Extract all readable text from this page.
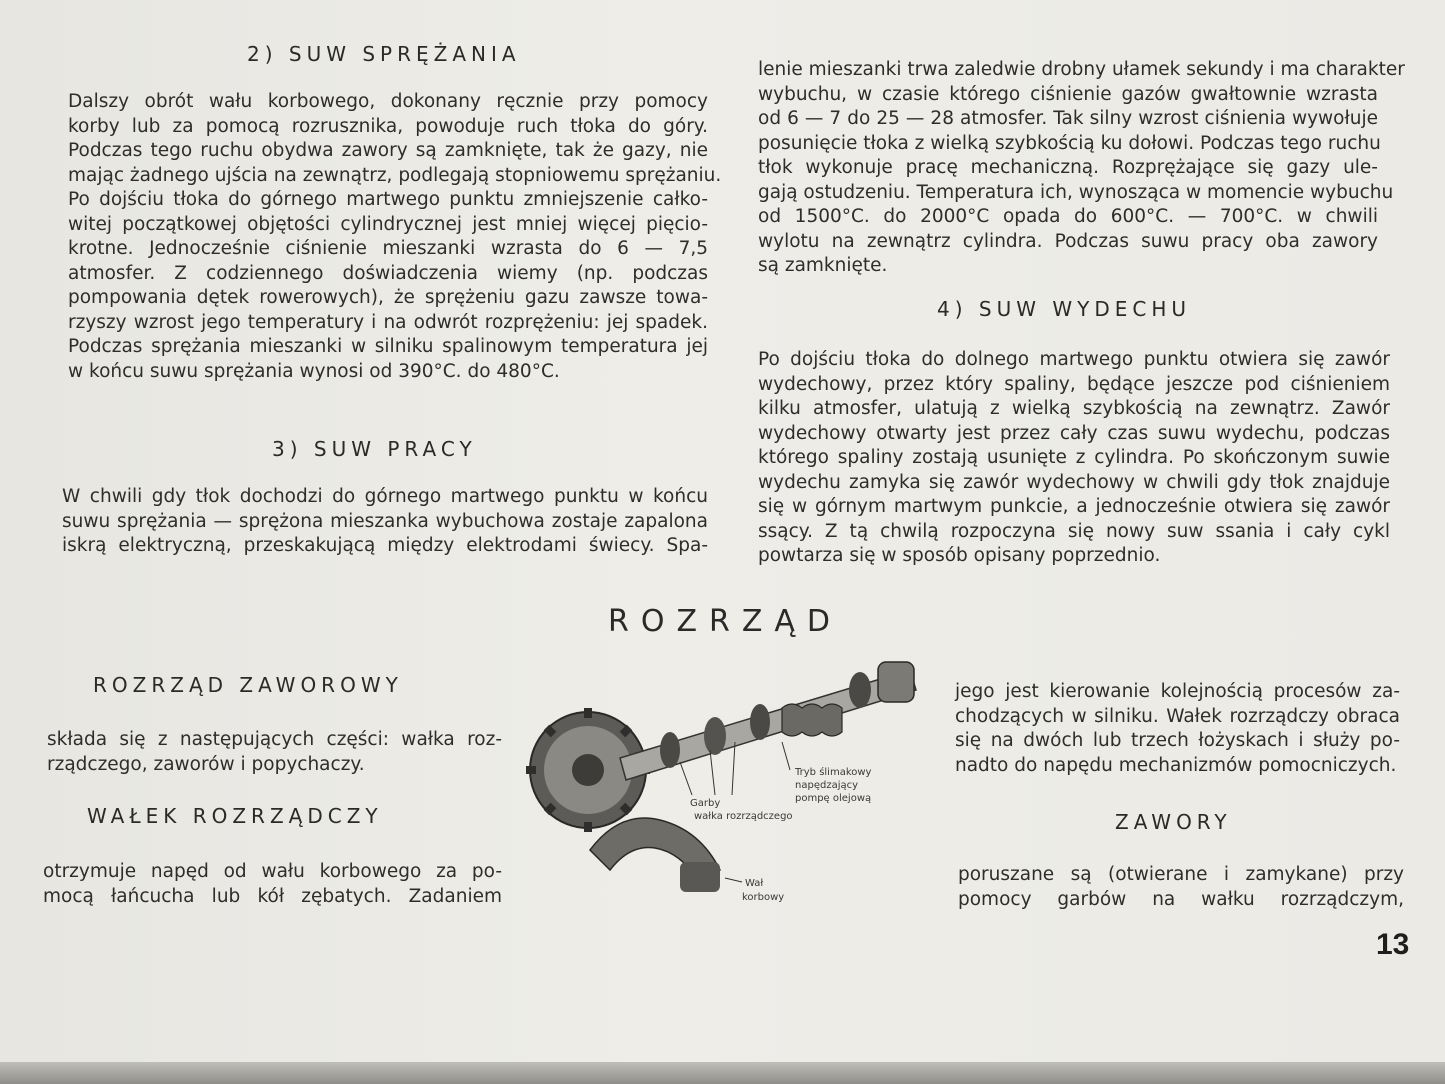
2) SUW SPRĘŻANIA
Dalszy obrót wału korbowego, dokonany ręcznie przy pomocy
korby lub za pomocą rozrusznika, powoduje ruch tłoka do góry.
Podczas tego ruchu obydwa zawory są zamknięte, tak że gazy, nie
mając żadnego ujścia na zewnątrz, podlegają stopniowemu sprężaniu.
Po dojściu tłoka do górnego martwego punktu zmniejszenie całko-
witej początkowej objętości cylindrycznej jest mniej więcej pięcio-
krotne. Jednocześnie ciśnienie mieszanki wzrasta do 6 — 7,5
atmosfer. Z codziennego doświadczenia wiemy (np. podczas
pompowania dętek rowerowych), że sprężeniu gazu zawsze towa-
rzyszy wzrost jego temperatury i na odwrót rozprężeniu: jej spadek.
Podczas sprężania mieszanki w silniku spalinowym temperatura jej
w końcu suwu sprężania wynosi od 390°C. do 480°C.
3) SUW PRACY
W chwili gdy tłok dochodzi do górnego martwego punktu w końcu
suwu sprężania — sprężona mieszanka wybuchowa zostaje zapalona
iskrą elektryczną, przeskakującą między elektrodami świecy. Spa-
lenie mieszanki trwa zaledwie drobny ułamek sekundy i ma charakter
wybuchu, w czasie którego ciśnienie gazów gwałtownie wzrasta
od 6 — 7 do 25 — 28 atmosfer. Tak silny wzrost ciśnienia wywołuje
posunięcie tłoka z wielką szybkością ku dołowi. Podczas tego ruchu
tłok wykonuje pracę mechaniczną. Rozprężające się gazy ule-
gają ostudzeniu. Temperatura ich, wynosząca w momencie wybuchu
od 1500°C. do 2000°C opada do 600°C. — 700°C. w chwili
wylotu na zewnątrz cylindra. Podczas suwu pracy oba zawory
są zamknięte.
4) SUW WYDECHU
Po dojściu tłoka do dolnego martwego punktu otwiera się zawór
wydechowy, przez który spaliny, będące jeszcze pod ciśnieniem
kilku atmosfer, ulatują z wielką szybkością na zewnątrz. Zawór
wydechowy otwarty jest przez cały czas suwu wydechu, podczas
którego spaliny zostają usunięte z cylindra. Po skończonym suwie
wydechu zamyka się zawór wydechowy w chwili gdy tłok znajduje
się w górnym martwym punkcie, a jednocześnie otwiera się zawór
ssący. Z tą chwilą rozpoczyna się nowy suw ssania i cały cykl
powtarza się w sposób opisany poprzednio.
ROZRZĄD
ROZRZĄD ZAWOROWY
składa się z następujących części: wałka roz-
rządczego, zaworów i popychaczy.
WAŁEK ROZRZĄDCZY
otrzymuje napęd od wału korbowego za po-
mocą łańcucha lub kół zębatych. Zadaniem
jego jest kierowanie kolejnością procesów za-
chodzących w silniku. Wałek rozrządczy obraca
się na dwóch lub trzech łożyskach i służy po-
nadto do napędu mechanizmów pomocniczych.
ZAWORY
poruszane są (otwierane i zamykane) przy
pomocy garbów na wałku rozrządczym,
Tryb ślimakowy
napędzający
pompę olejową
Garby
wałka rozrządczego
Wał
korbowy
13
